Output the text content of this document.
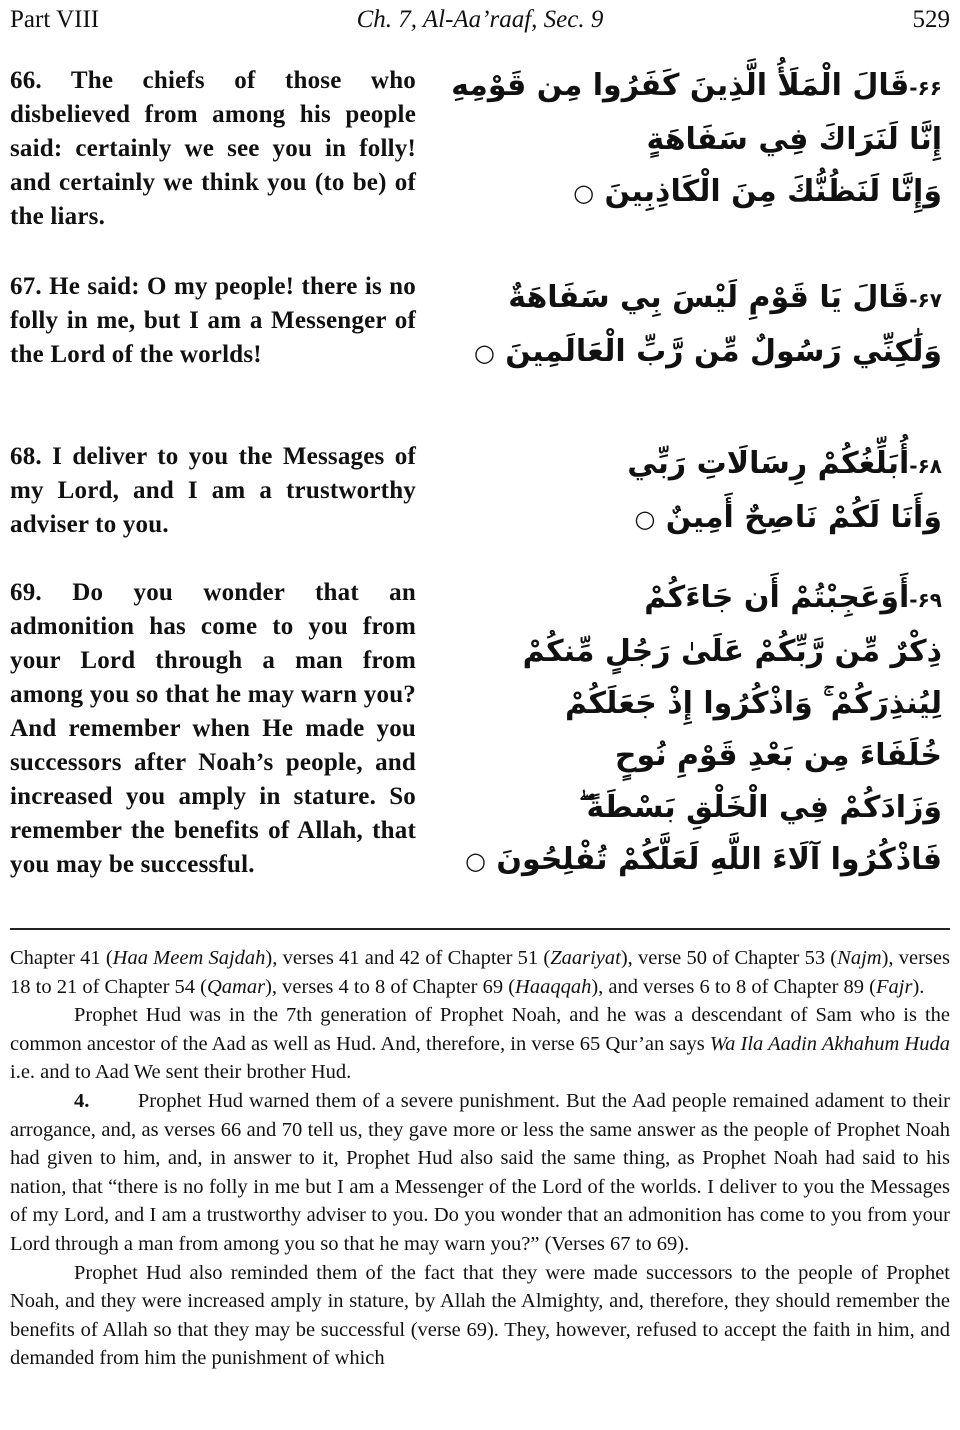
Part VIII	Ch. 7, Al-Aa’raaf, Sec. 9	529
66. The chiefs of those who disbelieved from among his people said: certainly we see you in folly! and certainly we think you (to be) of the liars.
۶۶-قَالَ الْمَلَأُ الَّذِينَ كَفَرُوا مِن قَوْمِهِ
إِنَّا لَنَرَاكَ فِي سَفَاهَةٍ
وَإِنَّا لَنَظُنُّكَ مِنَ الْكَاذِبِينَ ○
67. He said: O my people! there is no folly in me, but I am a Messenger of the Lord of the worlds!
۶۷-قَالَ يَا قَوْمِ لَيْسَ بِي سَفَاهَةٌ
وَلَٰكِنِّي رَسُولٌ مِّن رَّبِّ الْعَالَمِينَ ○
68. I deliver to you the Messages of my Lord, and I am a trustworthy adviser to you.
۶۸-أُبَلِّغُكُمْ رِسَالَاتِ رَبِّي
وَأَنَا لَكُمْ نَاصِحٌ أَمِينٌ ○
69. Do you wonder that an admonition has come to you from your Lord through a man from among you so that he may warn you? And remember when He made you successors after Noah’s people, and increased you amply in stature. So remember the benefits of Allah, that you may be successful.
۶۹-أَوَعَجِبْتُمْ أَن جَاءَكُمْ
ذِكْرٌ مِّن رَّبِّكُمْ عَلَىٰ رَجُلٍ مِّنكُمْ
لِيُنذِرَكُمْ ۚ وَاذْكُرُوا إِذْ جَعَلَكُمْ
خُلَفَاءَ مِن بَعْدِ قَوْمِ نُوحٍ
وَزَادَكُمْ فِي الْخَلْقِ بَسْطَةً ۖ
فَاذْكُرُوا آلَاءَ اللَّهِ لَعَلَّكُمْ تُفْلِحُونَ ○

Chapter 41 (Haa Meem Sajdah), verses 41 and 42 of Chapter 51 (Zaariyat), verse 50 of Chapter 53 (Najm), verses 18 to 21 of Chapter 54 (Qamar), verses 4 to 8 of Chapter 69 (Haaqqah), and verses 6 to 8 of Chapter 89 (Fajr).

Prophet Hud was in the 7th generation of Prophet Noah, and he was a descendant of Sam who is the common ancestor of the Aad as well as Hud. And, therefore, in verse 65 Qur’an says Wa Ila Aadin Akhahum Huda i.e. and to Aad We sent their brother Hud.

4. Prophet Hud warned them of a severe punishment. But the Aad people remained adament to their arrogance, and, as verses 66 and 70 tell us, they gave more or less the same answer as the people of Prophet Noah had given to him, and, in answer to it, Prophet Hud also said the same thing, as Prophet Noah had said to his nation, that “there is no folly in me but I am a Messenger of the Lord of the worlds. I deliver to you the Messages of my Lord, and I am a trustworthy adviser to you. Do you wonder that an admonition has come to you from your Lord through a man from among you so that he may warn you?” (Verses 67 to 69).

Prophet Hud also reminded them of the fact that they were made successors to the people of Prophet Noah, and they were increased amply in stature, by Allah the Almighty, and, therefore, they should remember the benefits of Allah so that they may be successful (verse 69). They, however, refused to accept the faith in him, and demanded from him the punishment of which
